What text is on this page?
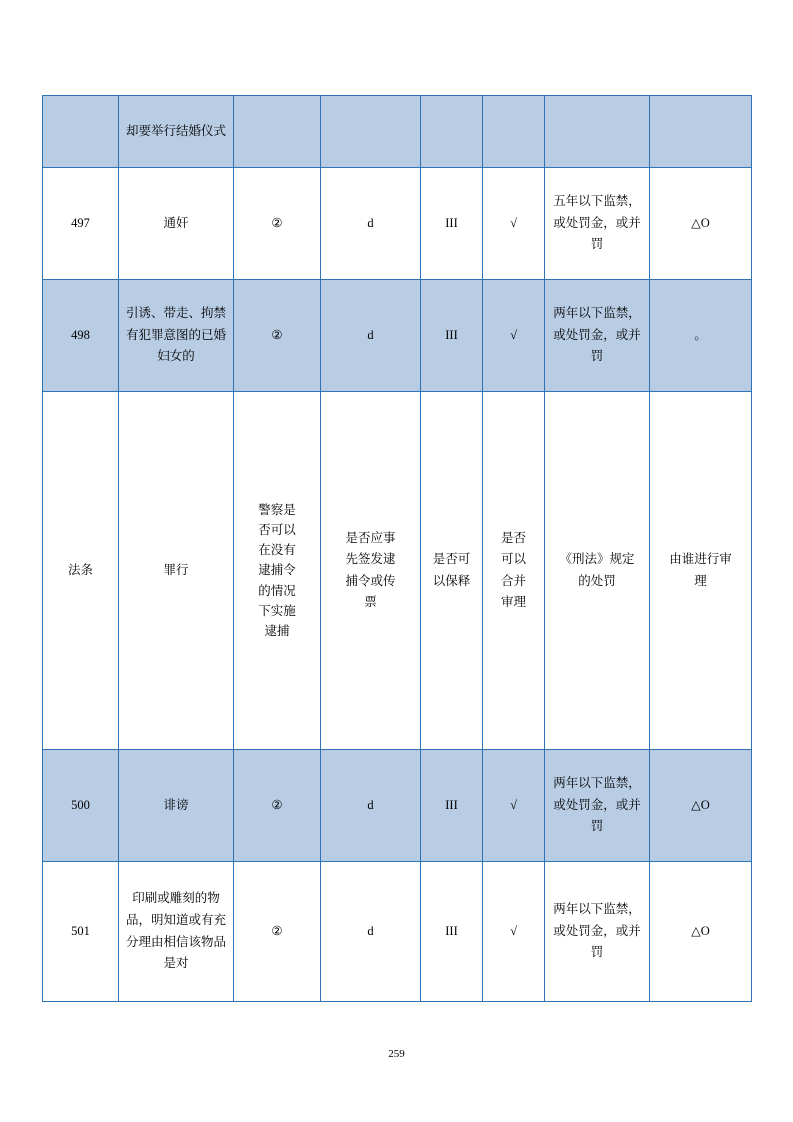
	却要举行结婚仪式						
497	通奸	②	d	III	√	五年以下监禁，或处罚金，或并罚	△O
498	引诱、带走、拘禁有犯罪意图的已婚妇女的	②	d	III	√	两年以下监禁，或处罚金，或并罚	。
法条	罪行	警察是否可以在没有逮捕令的情况下实施逮捕	是否应事先签发逮捕令或传票	是否可以保释	是否可以合并审理	《刑法》规定的处罚	由谁进行审理

500	诽谤	②	d	III	√	两年以下监禁，或处罚金，或并罚	△O
501	印刷或雕刻的物品，明知道或有充分理由相信该物品是对	②	d	III	√	两年以下监禁，或处罚金，或并罚	△O
259
